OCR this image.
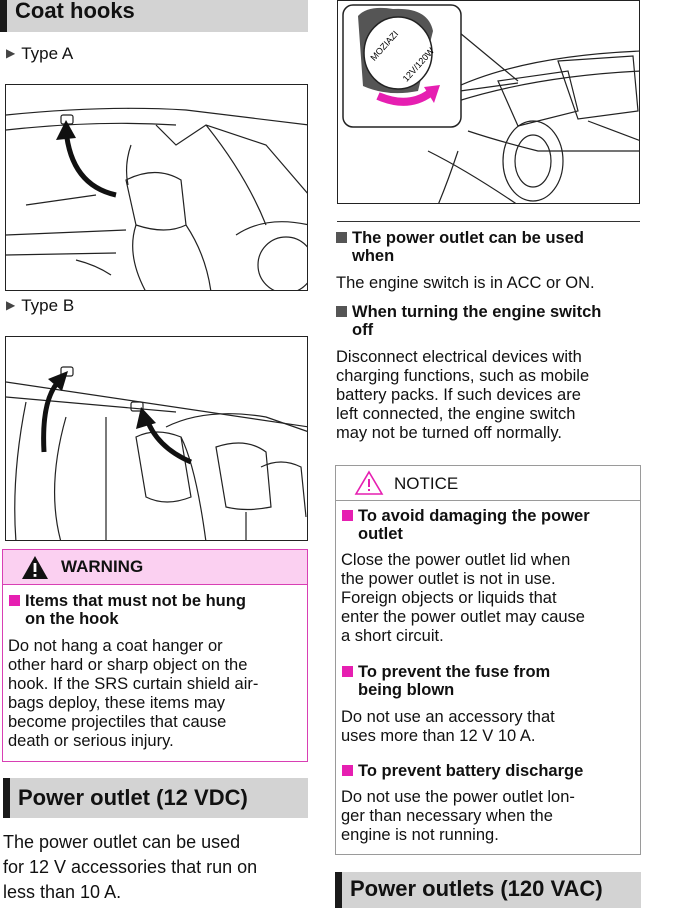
Coat hooks
▶ Type A
▶ Type B
WARNING
Items that must not be hung
on the hook
Do not hang a coat hanger or
other hard or sharp object on the
hook. If the SRS curtain shield air-
bags deploy, these items may
become projectiles that cause
death or serious injury.
Power outlet (12 VDC)
The power outlet can be used
for 12 V accessories that run on
less than 10 A.
12V/120W
MOZIAZI
The power outlet can be used
when
The engine switch is in ACC or ON.
When turning the engine switch
off
Disconnect electrical devices with
charging functions, such as mobile
battery packs. If such devices are
left connected, the engine switch
may not be turned off normally.
NOTICE
To avoid damaging the power
outlet
Close the power outlet lid when
the power outlet is not in use.
Foreign objects or liquids that
enter the power outlet may cause
a short circuit.
To prevent the fuse from
being blown
Do not use an accessory that
uses more than 12 V 10 A.
To prevent battery discharge
Do not use the power outlet lon-
ger than necessary when the
engine is not running.
Power outlets (120 VAC)
